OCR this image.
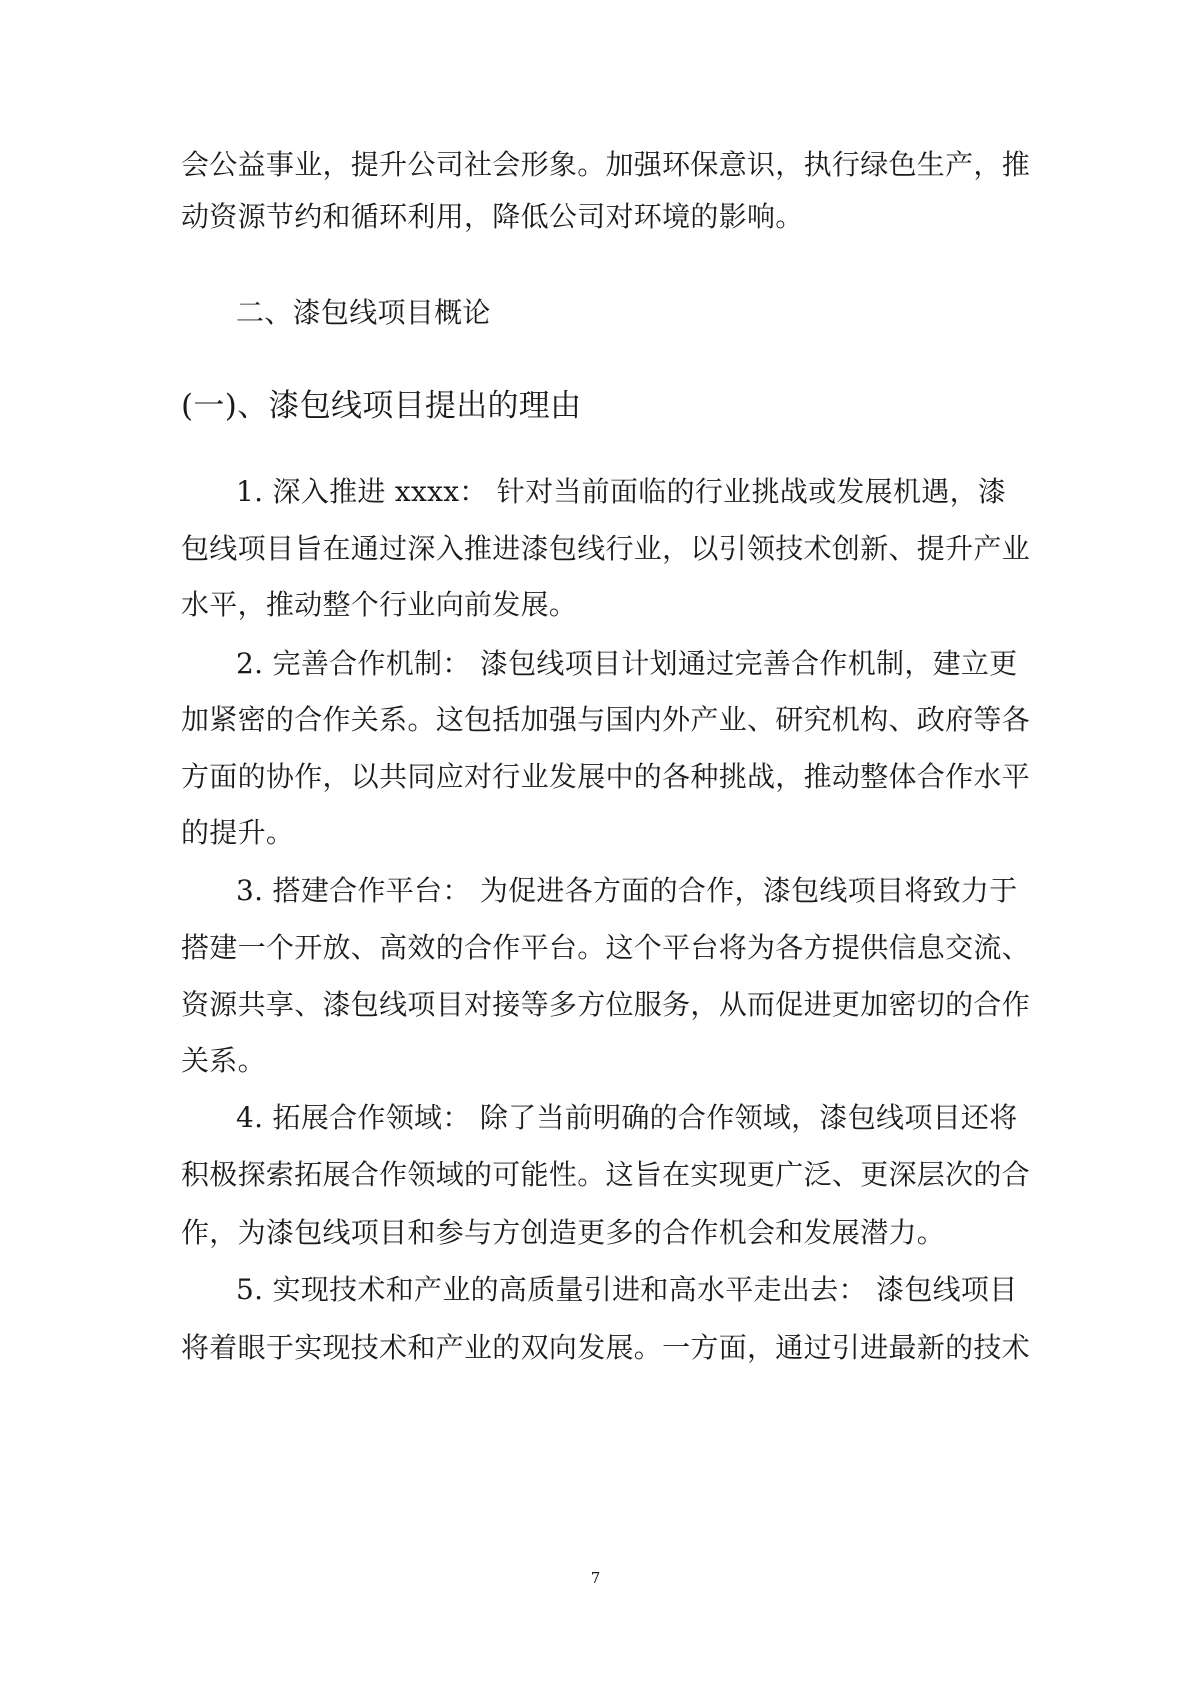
会公益事业，提升公司社会形象。加强环保意识，执行绿色生产，推
动资源节约和循环利用，降低公司对环境的影响。
二、漆包线项目概论
(一)、漆包线项目提出的理由
1. 深入推进 xxxx： 针对当前面临的行业挑战或发展机遇，漆
包线项目旨在通过深入推进漆包线行业，以引领技术创新、提升产业
水平，推动整个行业向前发展。
2. 完善合作机制： 漆包线项目计划通过完善合作机制，建立更
加紧密的合作关系。这包括加强与国内外产业、研究机构、政府等各
方面的协作，以共同应对行业发展中的各种挑战，推动整体合作水平
的提升。
3. 搭建合作平台： 为促进各方面的合作，漆包线项目将致力于
搭建一个开放、高效的合作平台。这个平台将为各方提供信息交流、
资源共享、漆包线项目对接等多方位服务，从而促进更加密切的合作
关系。
4. 拓展合作领域： 除了当前明确的合作领域，漆包线项目还将
积极探索拓展合作领域的可能性。这旨在实现更广泛、更深层次的合
作，为漆包线项目和参与方创造更多的合作机会和发展潜力。
5. 实现技术和产业的高质量引进和高水平走出去： 漆包线项目
将着眼于实现技术和产业的双向发展。一方面，通过引进最新的技术
7
